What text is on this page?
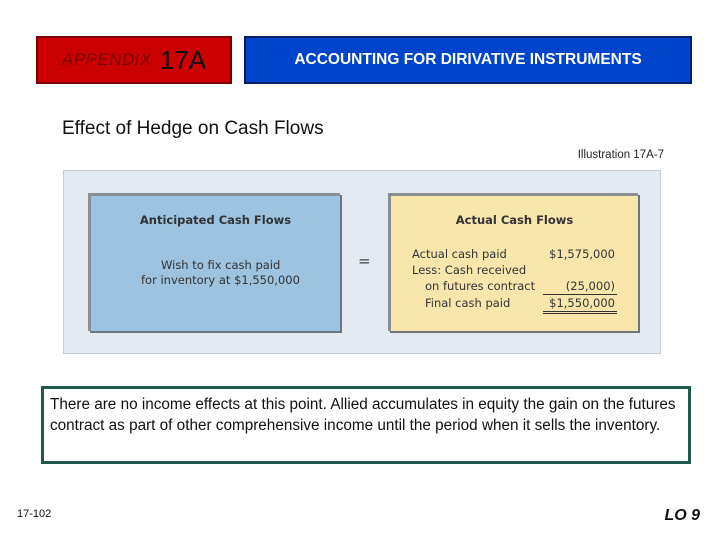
APPENDIX 17A	ACCOUNTING FOR DIRIVATIVE INSTRUMENTS
Effect of Hedge on Cash Flows
Illustration 17A-7
Anticipated Cash Flows
Wish to fix cash paid
for inventory at $1,550,000
=
Actual Cash Flows
Actual cash paid	$1,575,000
Less: Cash received
on futures contract	(25,000)
Final cash paid	$1,550,000
There are no income effects at this point. Allied accumulates in equity the gain on the futures contract as part of other comprehensive income until the period when it sells the inventory.
17-102	LO 9
